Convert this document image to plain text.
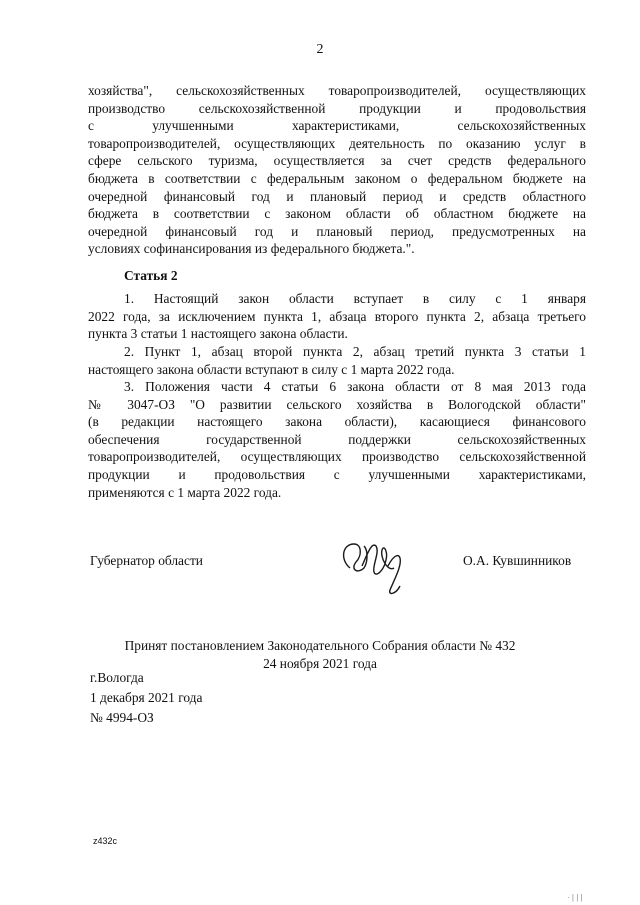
2
хозяйства", сельскохозяйственных товаропроизводителей, осуществляющих
производство сельскохозяйственной продукции и продовольствия
с улучшенными характеристиками, сельскохозяйственных
товаропроизводителей, осуществляющих деятельность по оказанию услуг в
сфере сельского туризма, осуществляется за счет средств федерального
бюджета в соответствии с федеральным законом о федеральном бюджете на
очередной финансовый год и плановый период и средств областного
бюджета в соответствии с законом области об областном бюджете на
очередной финансовый год и плановый период, предусмотренных на
условиях софинансирования из федерального бюджета.".
Статья 2
1. Настоящий закон области вступает в силу с 1 января
2022 года, за исключением пункта 1, абзаца второго пункта 2, абзаца третьего
пункта 3 статьи 1 настоящего закона области.
2. Пункт 1, абзац второй пункта 2, абзац третий пункта 3 статьи 1
настоящего закона области вступают в силу с 1 марта 2022 года.
3. Положения части 4 статьи 6 закона области от 8 мая 2013 года
№ 3047-ОЗ "О развитии сельского хозяйства в Вологодской области"
(в редакции настоящего закона области), касающиеся финансового
обеспечения государственной поддержки сельскохозяйственных
товаропроизводителей, осуществляющих производство сельскохозяйственной
продукции и продовольствия с улучшенными характеристиками,
применяются с 1 марта 2022 года.
Губернатор области	О.А. Кувшинников
Принят постановлением Законодательного Собрания области № 432
24 ноября 2021 года
г.Вологда
1 декабря 2021 года
№ 4994-ОЗ
z432c
· | | |
